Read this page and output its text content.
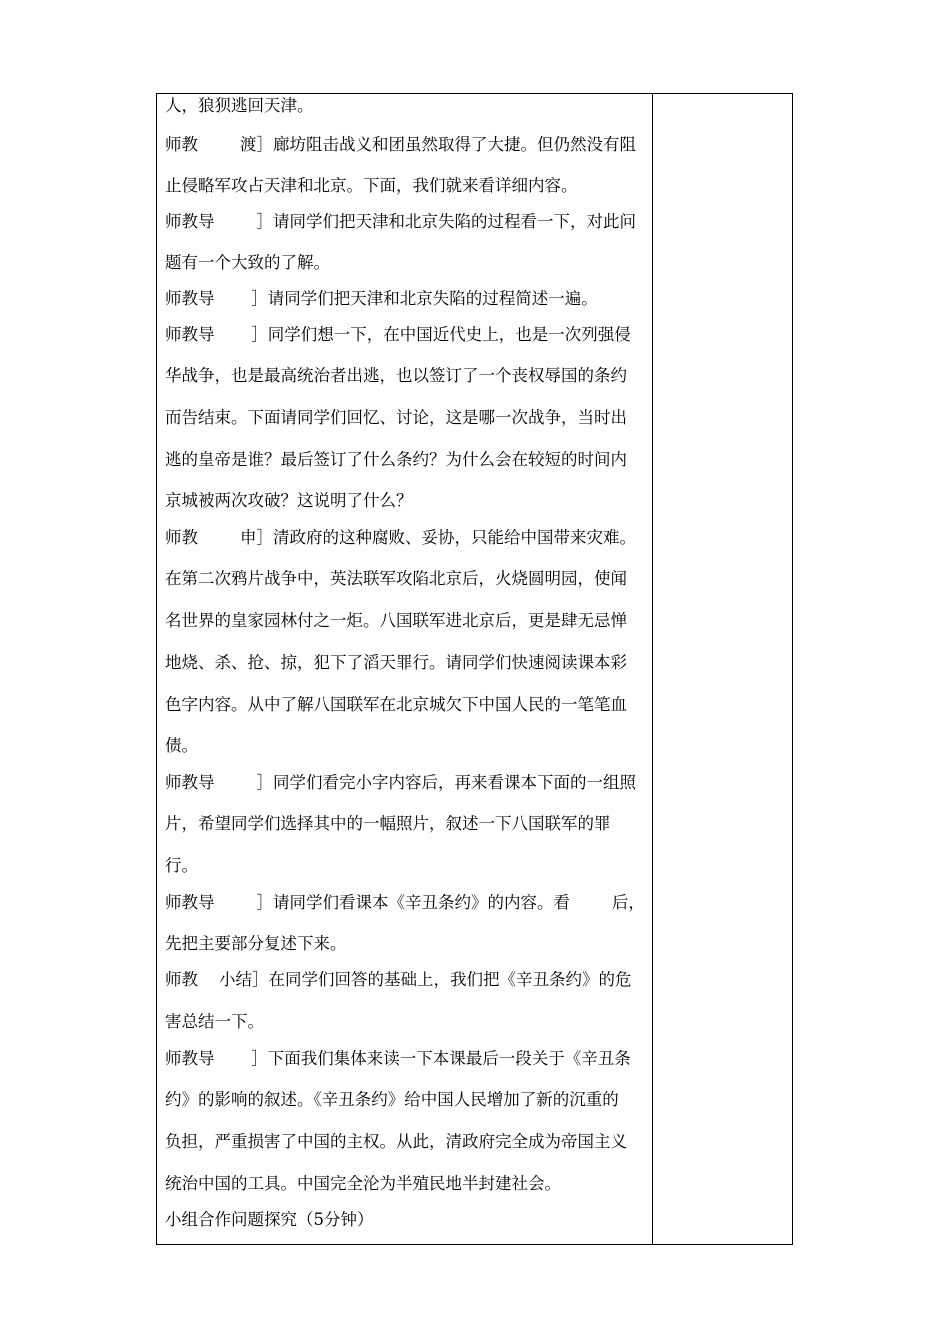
人，狼狈逃回天津。
师教        渡］廊坊阻击战义和团虽然取得了大捷。但仍然没有阻
止侵略军攻占天津和北京。下面，我们就来看详细内容。
师教导        ］请同学们把天津和北京失陷的过程看一下，对此问
题有一个大致的了解。
师教导       ］请同学们把天津和北京失陷的过程简述一遍。
师教导       ］同学们想一下，在中国近代史上，也是一次列强侵
华战争，也是最高统治者出逃，也以签订了一个丧权辱国的条约
而告结束。下面请同学们回忆、讨论，这是哪一次战争，当时出
逃的皇帝是谁？最后签订了什么条约？为什么会在较短的时间内
京城被两次攻破？这说明了什么？
师教        申］清政府的这种腐败、妥协，只能给中国带来灾难。
在第二次鸦片战争中，英法联军攻陷北京后，火烧圆明园，使闻
名世界的皇家园林付之一炬。八国联军进北京后，更是肆无忌惮
地烧、杀、抢、掠，犯下了滔天罪行。请同学们快速阅读课本彩
色字内容。从中了解八国联军在北京城欠下中国人民的一笔笔血
债。
师教导        ］同学们看完小字内容后，再来看课本下面的一组照
片，希望同学们选择其中的一幅照片，叙述一下八国联军的罪
行。
师教导        ］请同学们看课本《辛丑条约》的内容。看        后，
先把主要部分复述下来。
师教    小结］在同学们回答的基础上，我们把《辛丑条约》的危
害总结一下。
师教导       ］下面我们集体来读一下本课最后一段关于《辛丑条
约》的影响的叙述。《辛丑条约》给中国人民增加了新的沉重的
负担，严重损害了中国的主权。从此，清政府完全成为帝国主义
统治中国的工具。中国完全沦为半殖民地半封建社会。
小组合作问题探究（5分钟）
